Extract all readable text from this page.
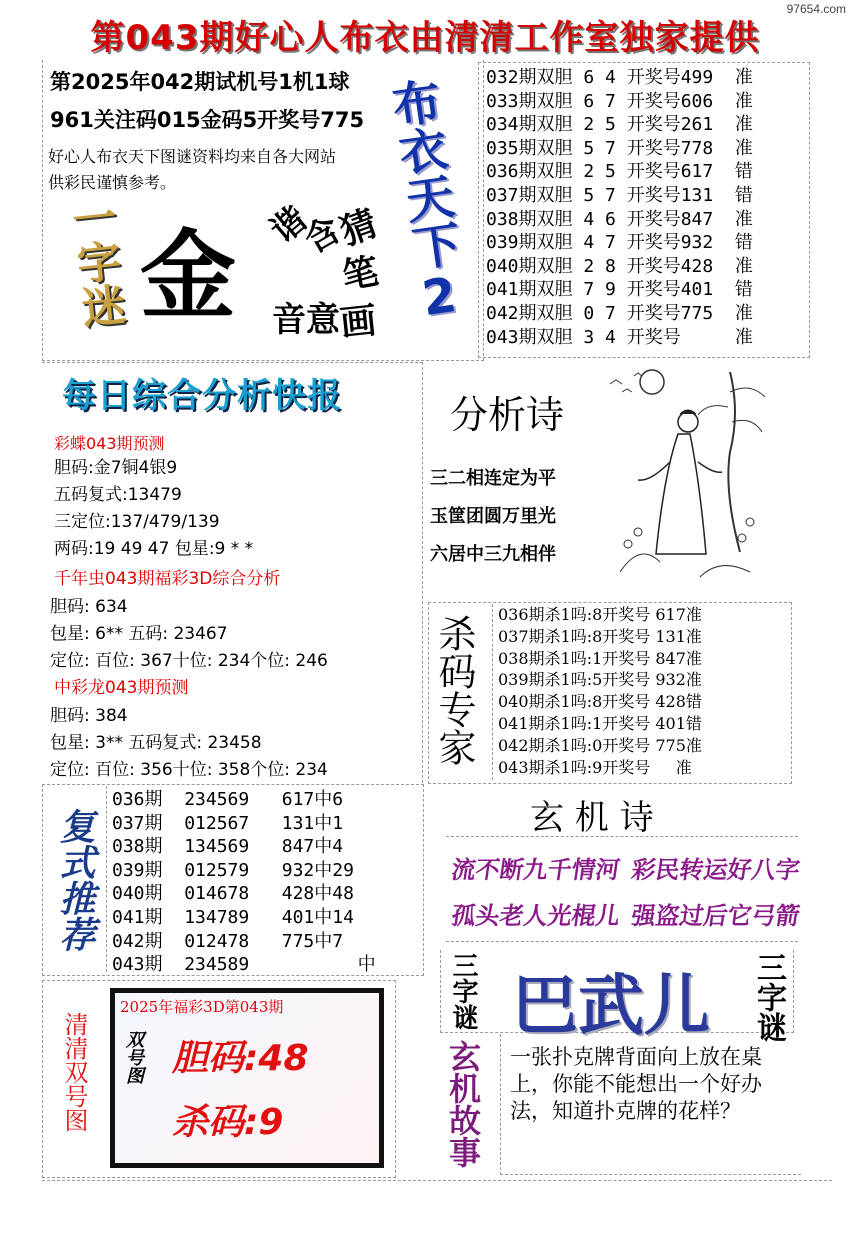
97654.com
第043期好心人布衣由清清工作室独家提供
第2025年042期试机号1机1球
961关注码015金码5开奖号775
好心人布衣天下图谜资料均来自各大网站
供彩民谨慎参考。
一字迷 金	猜
笔
画
含
意
音
谐 布衣天下2 032期双胆 6 4 开奖号499 准
033期双胆 6 7 开奖号606 准
034期双胆 2 5 开奖号261 准
035期双胆 5 7 开奖号778 准
036期双胆 2 5 开奖号617 错
037期双胆 5 7 开奖号131 错
038期双胆 4 6 开奖号847 准
039期双胆 4 7 开奖号932 错
040期双胆 2 8 开奖号428 准
041期双胆 7 9 开奖号401 错
042期双胆 0 7 开奖号775 准
043期双胆 3 4 开奖号	准
每日综合分析快报	分析诗
三二相连定为平
玉筐团圆万里光
六居中三九相伴
彩蝶043期预测
胆码:金7铜4银9
五码复式:13479
三定位:137/479/139
两码:19 49 47 包星:9 * *
千年虫043期福彩3D综合分析
胆码: 634
包星: 6** 五码: 23467
定位: 百位: 367十位: 234个位: 246
中彩龙043期预测
胆码: 384
包星: 3** 五码复式: 23458
定位: 百位: 356十位: 358个位: 234
杀码专家 036期杀1吗:8开奖号 617准
037期杀1吗:8开奖号 131准
038期杀1吗:1开奖号 847准
039期杀1吗:5开奖号 932准
040期杀1吗:8开奖号 428错
041期杀1吗:1开奖号 401错
042期杀1吗:0开奖号 775准
043期杀1吗:9开奖号     准
复式推荐
036期 234569 617中6
037期 012567 131中1
038期 134569 847中4
039期 012579 932中29
040期 014678 428中48
041期 134789 401中14
042期 012478 775中7
043期 234589	中
玄 机 诗
流不断九千情河
孤头老人光棍儿
彩民转运好八字
强盗过后它弓箭
三字谜 巴武儿 三字谜
清清双号图
2025年福彩3D第043期
双号图 胆码:48
杀码:9	玄机故事 一张扑克牌背面向上放在桌上，你能不能想出一个好办法，知道扑克牌的花样？
